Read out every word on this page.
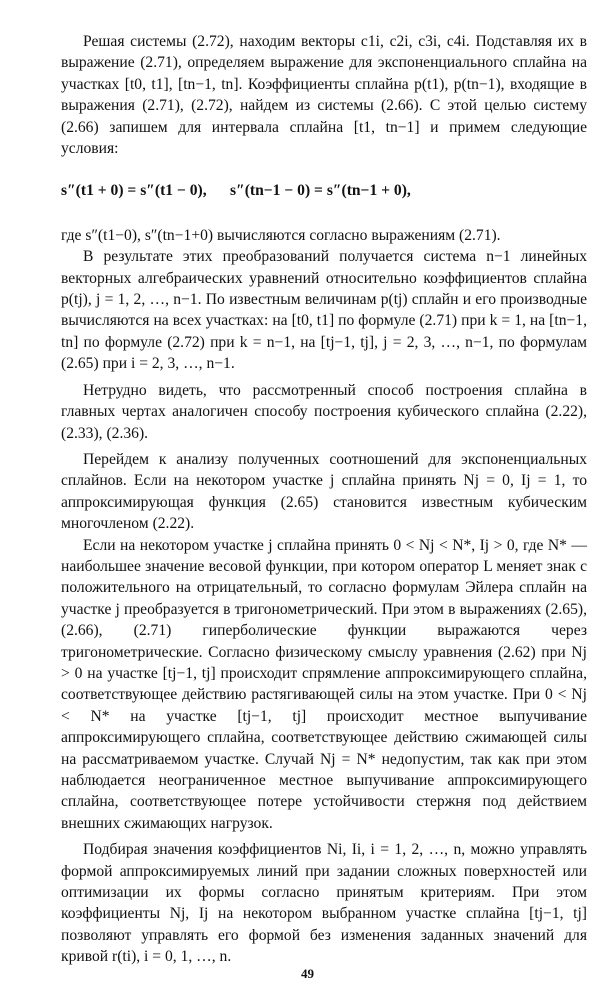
Решая системы (2.72), находим векторы c1i, c2i, c3i, c4i. Подставляя их в выражение (2.71), определяем выражение для экспоненциального сплайна на участках [t0, t1], [tn−1, tn]. Коэффициенты сплайна p(t1), p(tn−1), входящие в выражения (2.71), (2.72), найдем из системы (2.66). С этой целью систему (2.66) запишем для интервала сплайна [t1, tn−1] и примем следующие условия:

s″(t1 + 0) = s″(t1 − 0),      s″(tn−1 − 0) = s″(tn−1 + 0),

где s″(t1−0), s″(tn−1+0) вычисляются согласно выражениям (2.71).

В результате этих преобразований получается система n−1 линейных векторных алгебраических уравнений относительно коэффициентов сплайна p(tj), j = 1, 2, …, n−1. По известным величинам p(tj) сплайн и его производные вычисляются на всех участках: на [t0, t1] по формуле (2.71) при k = 1, на [tn−1, tn] по формуле (2.72) при k = n−1, на [tj−1, tj], j = 2, 3, …, n−1, по формулам (2.65) при i = 2, 3, …, n−1.

Нетрудно видеть, что рассмотренный способ построения сплайна в главных чертах аналогичен способу построения кубического сплайна (2.22), (2.33), (2.36).

Перейдем к анализу полученных соотношений для экспоненциальных сплайнов. Если на некотором участке j сплайна принять Nj = 0, Ij = 1, то аппроксимирующая функция (2.65) становится известным кубическим многочленом (2.22).

Если на некотором участке j сплайна принять 0 < Nj < N*, Ij > 0, где N* — наибольшее значение весовой функции, при котором оператор L меняет знак с положительного на отрицательный, то согласно формулам Эйлера сплайн на участке j преобразуется в тригонометрический. При этом в выражениях (2.65), (2.66), (2.71) гиперболические функции выражаются через тригонометрические. Согласно физическому смыслу уравнения (2.62) при Nj > 0 на участке [tj−1, tj] происходит спрямление аппроксимирующего сплайна, соответствующее действию растягивающей силы на этом участке. При 0 < Nj < N* на участке [tj−1, tj] происходит местное выпучивание аппроксимирующего сплайна, соответствующее действию сжимающей силы на рассматриваемом участке. Случай Nj = N* недопустим, так как при этом наблюдается неограниченное местное выпучивание аппроксимирующего сплайна, соответствующее потере устойчивости стержня под действием внешних сжимающих нагрузок.

Подбирая значения коэффициентов Ni, Ii, i = 1, 2, …, n, можно управлять формой аппроксимируемых линий при задании сложных поверхностей или оптимизации их формы согласно принятым критериям. При этом коэффициенты Nj, Ij на некотором выбранном участке сплайна [tj−1, tj] позволяют управлять его формой без изменения заданных значений для кривой r(ti), i = 0, 1, …, n.

49
